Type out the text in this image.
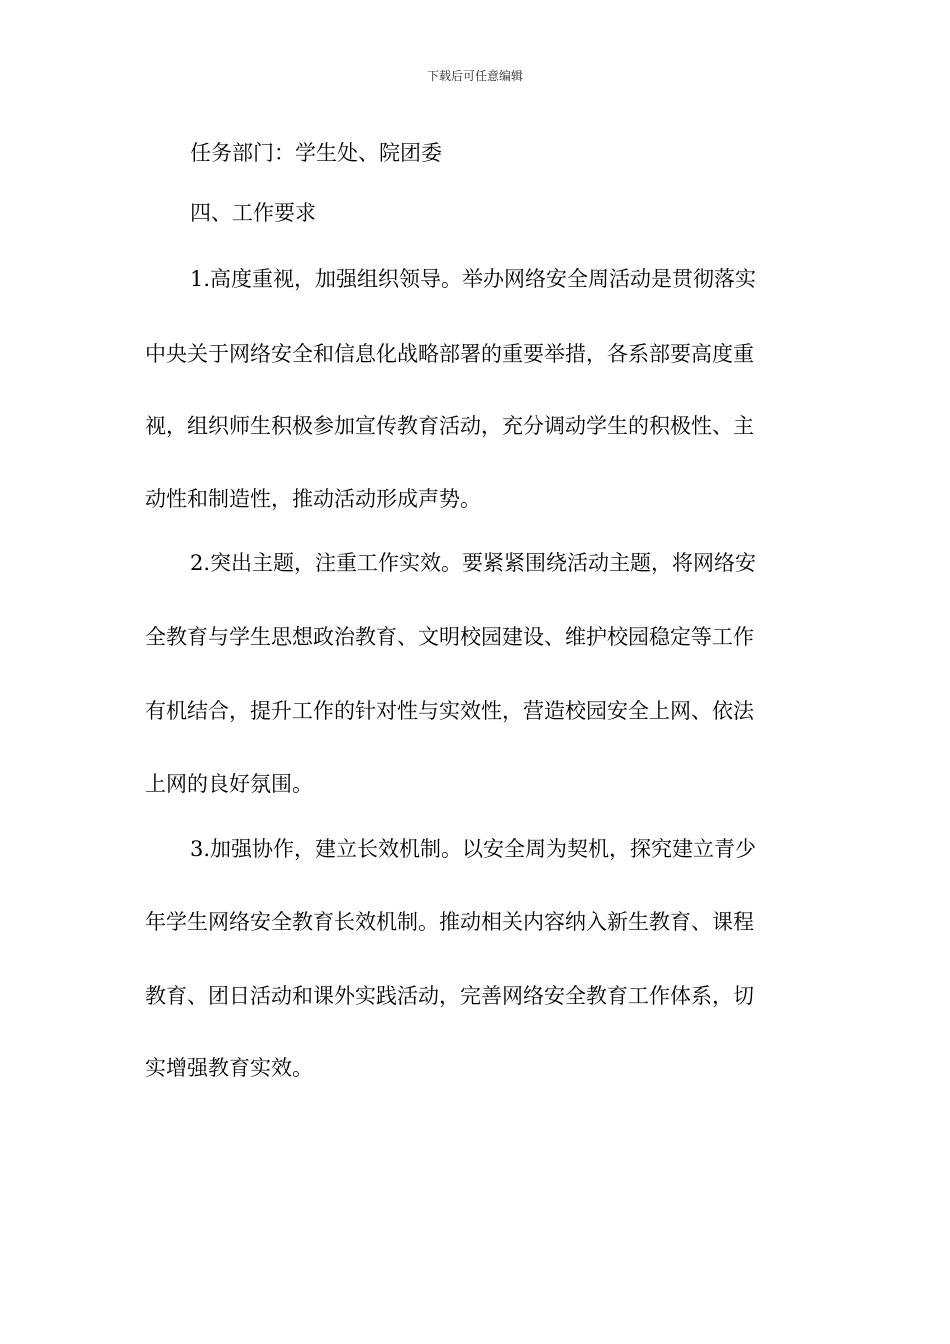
下载后可任意编辑
任务部门：学生处、院团委
四、工作要求
1.高度重视，加强组织领导。举办网络安全周活动是贯彻落实
中央关于网络安全和信息化战略部署的重要举措，各系部要高度重
视，组织师生积极参加宣传教育活动，充分调动学生的积极性、主
动性和制造性，推动活动形成声势。
2.突出主题，注重工作实效。要紧紧围绕活动主题，将网络安
全教育与学生思想政治教育、文明校园建设、维护校园稳定等工作
有机结合，提升工作的针对性与实效性，营造校园安全上网、依法
上网的良好氛围。
3.加强协作，建立长效机制。以安全周为契机，探究建立青少
年学生网络安全教育长效机制。推动相关内容纳入新生教育、课程
教育、团日活动和课外实践活动，完善网络安全教育工作体系，切
实增强教育实效。
